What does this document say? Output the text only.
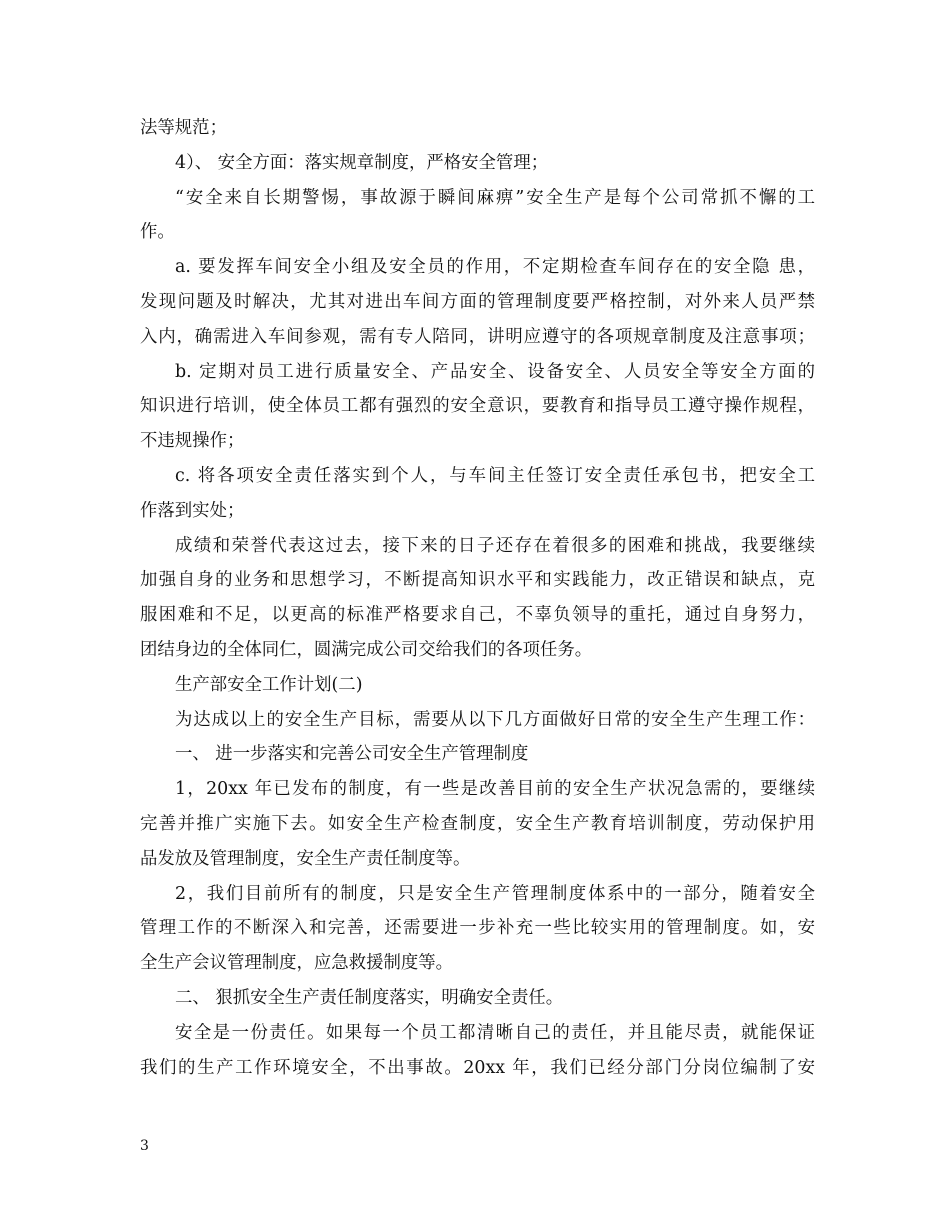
法等规范；
4）、 安全方面：落实规章制度，严格安全管理；
“安全来自长期警惕，事故源于瞬间麻痹”安全生产是每个公司常抓不懈的工
作。
a. 要发挥车间安全小组及安全员的作用，不定期检查车间存在的安全隐 患，
发现问题及时解决，尤其对进出车间方面的管理制度要严格控制，对外来人员严禁
入内，确需进入车间参观，需有专人陪同，讲明应遵守的各项规章制度及注意事项；
b. 定期对员工进行质量安全、产品安全、设备安全、人员安全等安全方面的
知识进行培训，使全体员工都有强烈的安全意识，要教育和指导员工遵守操作规程，
不违规操作；
c. 将各项安全责任落实到个人，与车间主任签订安全责任承包书，把安全工
作落到实处；
成绩和荣誉代表这过去，接下来的日子还存在着很多的困难和挑战，我要继续
加强自身的业务和思想学习，不断提高知识水平和实践能力，改正错误和缺点，克
服困难和不足，以更高的标准严格要求自己，不辜负领导的重托，通过自身努力，
团结身边的全体同仁，圆满完成公司交给我们的各项任务。
生产部安全工作计划(二)
为达成以上的安全生产目标，需要从以下几方面做好日常的安全生产生理工作：
一、 进一步落实和完善公司安全生产管理制度
1，20xx 年已发布的制度，有一些是改善目前的安全生产状况急需的，要继续
完善并推广实施下去。如安全生产检查制度，安全生产教育培训制度，劳动保护用
品发放及管理制度，安全生产责任制度等。
2，我们目前所有的制度，只是安全生产管理制度体系中的一部分，随着安全
管理工作的不断深入和完善，还需要进一步补充一些比较实用的管理制度。如，安
全生产会议管理制度，应急救援制度等。
二、 狠抓安全生产责任制度落实，明确安全责任。
安全是一份责任。如果每一个员工都清晰自己的责任，并且能尽责，就能保证
我们的生产工作环境安全，不出事故。20xx 年，我们已经分部门分岗位编制了安
3
